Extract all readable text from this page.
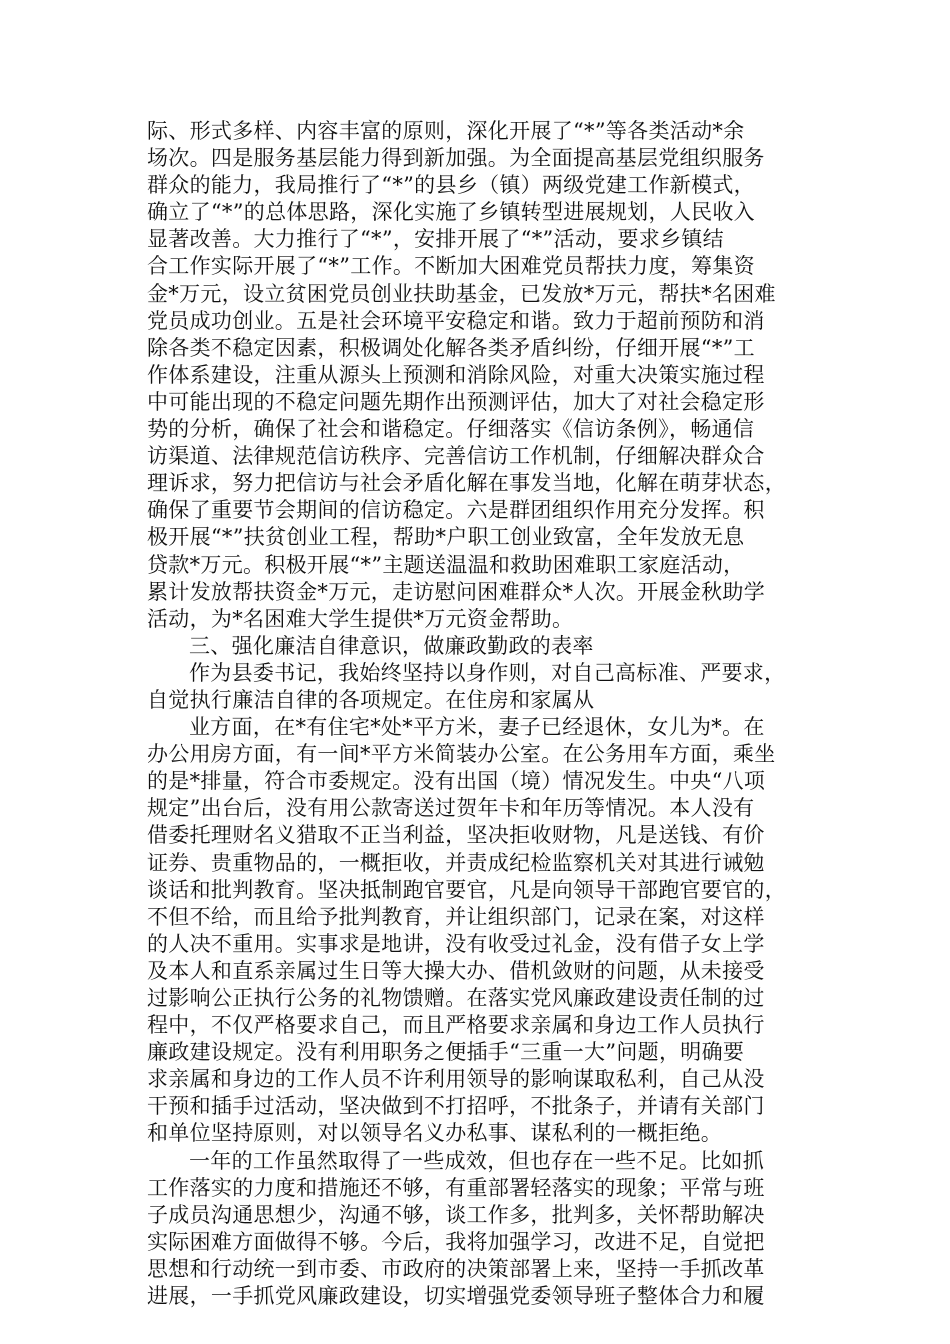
际、形式多样、内容丰富的原则，深化开展了“*”等各类活动*余
场次。四是服务基层能力得到新加强。为全面提高基层党组织服务
群众的能力，我局推行了“*”的县乡（镇）两级党建工作新模式，
确立了“*”的总体思路，深化实施了乡镇转型进展规划，人民收入
显著改善。大力推行了“*”，安排开展了“*”活动，要求乡镇结
合工作实际开展了“*”工作。不断加大困难党员帮扶力度，筹集资
金*万元，设立贫困党员创业扶助基金，已发放*万元，帮扶*名困难
党员成功创业。五是社会环境平安稳定和谐。致力于超前预防和消
除各类不稳定因素，积极调处化解各类矛盾纠纷，仔细开展“*”工
作体系建设，注重从源头上预测和消除风险，对重大决策实施过程
中可能出现的不稳定问题先期作出预测评估，加大了对社会稳定形
势的分析，确保了社会和谐稳定。仔细落实《信访条例》，畅通信
访渠道、法律规范信访秩序、完善信访工作机制，仔细解决群众合
理诉求，努力把信访与社会矛盾化解在事发当地，化解在萌芽状态，
确保了重要节会期间的信访稳定。六是群团组织作用充分发挥。积
极开展“*”扶贫创业工程，帮助*户职工创业致富，全年发放无息
贷款*万元。积极开展“*”主题送温温和救助困难职工家庭活动，
累计发放帮扶资金*万元，走访慰问困难群众*人次。开展金秋助学
活动，为*名困难大学生提供*万元资金帮助。
三、强化廉洁自律意识，做廉政勤政的表率
作为县委书记，我始终坚持以身作则，对自己高标准、严要求，
自觉执行廉洁自律的各项规定。在住房和家属从
业方面，在*有住宅*处*平方米，妻子已经退休，女儿为*。在
办公用房方面，有一间*平方米简装办公室。在公务用车方面，乘坐
的是*排量，符合市委规定。没有出国（境）情况发生。中央“八项
规定”出台后，没有用公款寄送过贺年卡和年历等情况。本人没有
借委托理财名义猎取不正当利益，坚决拒收财物，凡是送钱、有价
证券、贵重物品的，一概拒收，并责成纪检监察机关对其进行诫勉
谈话和批判教育。坚决抵制跑官要官，凡是向领导干部跑官要官的，
不但不给，而且给予批判教育，并让组织部门，记录在案，对这样
的人决不重用。实事求是地讲，没有收受过礼金，没有借子女上学
及本人和直系亲属过生日等大操大办、借机敛财的问题，从未接受
过影响公正执行公务的礼物馈赠。在落实党风廉政建设责任制的过
程中，不仅严格要求自己，而且严格要求亲属和身边工作人员执行
廉政建设规定。没有利用职务之便插手“三重一大”问题，明确要
求亲属和身边的工作人员不许利用领导的影响谋取私利，自己从没
干预和插手过活动，坚决做到不打招呼，不批条子，并请有关部门
和单位坚持原则，对以领导名义办私事、谋私利的一概拒绝。
一年的工作虽然取得了一些成效，但也存在一些不足。比如抓
工作落实的力度和措施还不够，有重部署轻落实的现象；平常与班
子成员沟通思想少，沟通不够，谈工作多，批判多，关怀帮助解决
实际困难方面做得不够。今后，我将加强学习，改进不足，自觉把
思想和行动统一到市委、市政府的决策部署上来，坚持一手抓改革
进展，一手抓党风廉政建设，切实增强党委领导班子整体合力和履
